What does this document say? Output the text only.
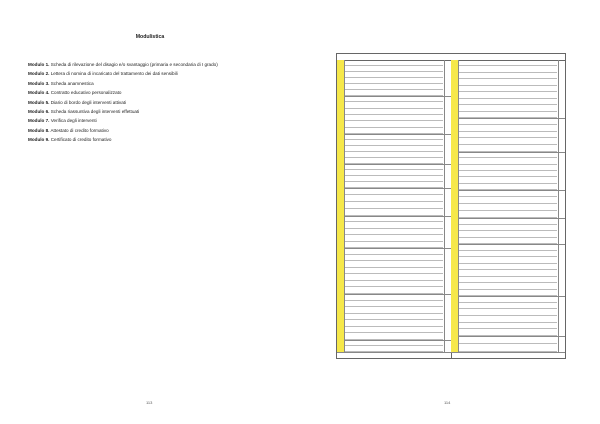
Modulistica
Modulo 1. Scheda di rilevazione del disagio e/o svantaggio (primaria e secondaria di I grado)
Modulo 2. Lettera di nomina di incaricato del trattamento dei dati sensibili
Modulo 3. Scheda anamnestica
Modulo 4. Contratto educativo personalizzato
Modulo 5. Diario di bordo degli interventi attivati
Modulo 6. Scheda riassuntiva degli interventi effettuati
Modulo 7. Verifica degli interventi
Modulo 8. Attestato di credito formativo
Modulo 9. Certificato di credito formativo
113	114
